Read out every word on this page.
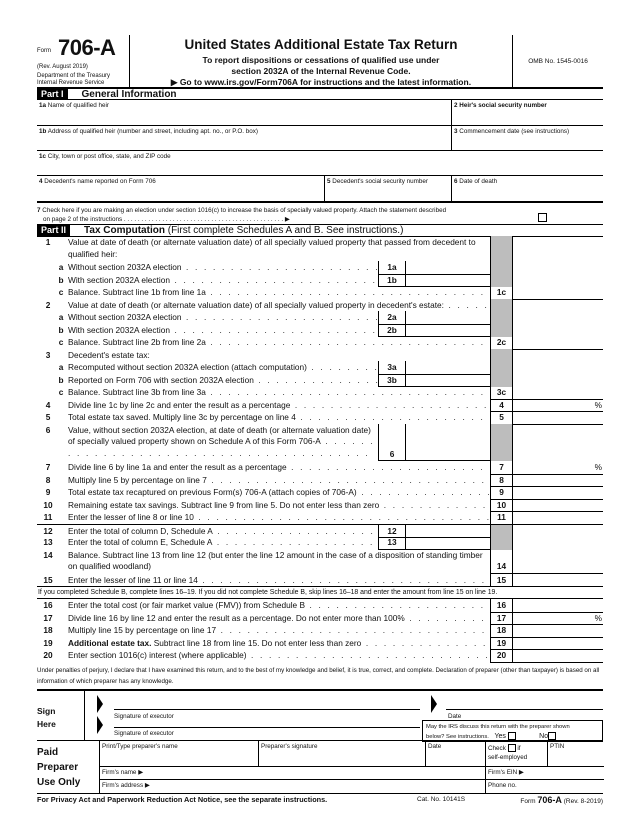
Form 706-A
(Rev. August 2019)
Department of the Treasury
Internal Revenue Service
United States Additional Estate Tax Return
To report dispositions or cessations of qualified use under
section 2032A of the Internal Revenue Code.
▶ Go to www.irs.gov/Form706A for instructions and the latest information.
OMB No. 1545-0016
Part I	General Information
1a Name of qualified heir	2 Heir's social security number
1b Address of qualified heir (number and street, including apt. no., or P.O. box)	3 Commencement date (see instructions)
1c City, town or post office, state, and ZIP code
4 Decedent's name reported on Form 706	5 Decedent's social security number	6 Date of death
7 Check here if you are making an election under section 1016(c) to increase the basis of specially valued property. Attach the statement described
on page 2 of the instructions . . . . . . . . . . . . . . . . . . . . . . . . . . . . . . . . . . . . . . . . . . . . . . ▶
Part II	Tax Computation (First complete Schedules A and B. See instructions.)
1	Value at date of death (or alternate valuation date) of all specially valued property that passed from decedent to qualified heir:
a Without section 2032A election . . .	1a
b With section 2032A election . . .	1b
c Balance. Subtract line 1b from line 1a . . .	1c
2	Value at date of death (or alternate valuation date) of all specially valued property in decedent's estate: . . .
a Without section 2032A election . . .	2a
b With section 2032A election . . .	2b
c Balance. Subtract line 2b from line 2a . . .	2c
3	Decedent's estate tax:
a Recomputed without section 2032A election (attach computation) . . .	3a
b Reported on Form 706 with section 2032A election . . .	3b
c Balance. Subtract line 3b from line 3a . . .	3c
4	Divide line 1c by line 2c and enter the result as a percentage . . .	4	%
5	Total estate tax saved. Multiply line 3c by percentage on line 4 . . .	5
6	Value, without section 2032A election, at date of death (or alternate valuation date) of specially valued property shown on Schedule A of this Form 706-A . . .
6
7	Divide line 6 by line 1a and enter the result as a percentage . . .	7	%
8	Multiply line 5 by percentage on line 7 . . .	8
9	Total estate tax recaptured on previous Form(s) 706-A (attach copies of 706-A) . . .	9
10 Remaining estate tax savings. Subtract line 9 from line 5. Do not enter less than zero . . .	10
11	Enter the lesser of line 8 or line 10 . . .	11
12 Enter the total of column D, Schedule A . . .	12
13 Enter the total of column E, Schedule A . . .	13
14 Balance. Subtract line 13 from line 12 (but enter the line 12 amount in the case of a disposition of standing timber on qualified woodland)	14
15 Enter the lesser of line 11 or line 14 . . .	15
If you completed Schedule B, complete lines 16–19. If you did not complete Schedule B, skip lines 16–18 and enter the amount from line 15 on line 19.
16 Enter the total cost (or fair market value (FMV)) from Schedule B . . .	16
17 Divide line 16 by line 12 and enter the result as a percentage. Do not enter more than 100% . . .	17	%
18 Multiply line 15 by percentage on line 17 . . .	18
19 Additional estate tax. Subtract line 18 from line 15. Do not enter less than zero . . .	19
20 Enter section 1016(c) interest (where applicable) . . .	20
Under penalties of perjury, I declare that I have examined this return, and to the best of my knowledge and belief, it is true, correct, and complete. Declaration of preparer (other than taxpayer) is based on all information of which preparer has any knowledge.
Sign
Here
Signature of executor
Signature of executor
Date
May the IRS discuss this return with the preparer shown
below? See instructions. Yes	No
Paid
Preparer
Use Only
Print/Type preparer's name	Preparer's signature	Date	Check if
self-employed
PTIN
Firm's name ▶	Firm's EIN ▶
Firm's address ▶	Phone no.
For Privacy Act and Paperwork Reduction Act Notice, see the separate instructions.	Cat. No. 10141S	Form 706-A (Rev. 8-2019)
